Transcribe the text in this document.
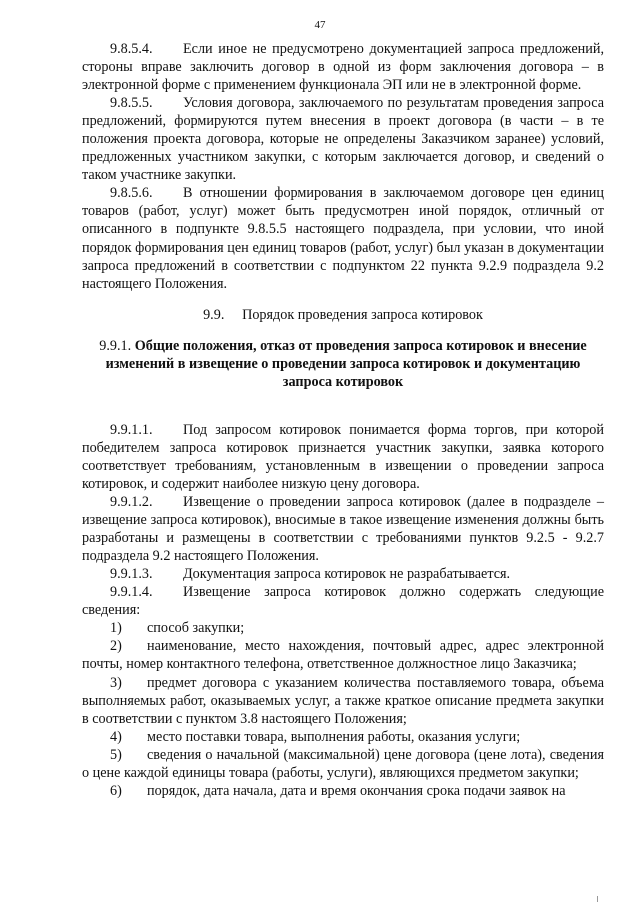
47

9.8.5.4. Если иное не предусмотрено документацией запроса предложений, стороны вправе заключить договор в одной из форм заключения договора – в электронной форме с применением функционала ЭП или не в электронной форме.

9.8.5.5. Условия договора, заключаемого по результатам проведения запроса предложений, формируются путем внесения в проект договора (в части – в те положения проекта договора, которые не определены Заказчиком заранее) условий, предложенных участником закупки, с которым заключается договор, и сведений о таком участнике закупки.

9.8.5.6. В отношении формирования в заключаемом договоре цен единиц товаров (работ, услуг) может быть предусмотрен иной порядок, отличный от описанного в подпункте 9.8.5.5 настоящего подраздела, при условии, что иной порядок формирования цен единиц товаров (работ, услуг) был указан в документации запроса предложений в соответствии с подпунктом 22 пункта 9.2.9 подраздела 9.2 настоящего Положения.

9.9. Порядок проведения запроса котировок

9.9.1. Общие положения, отказ от проведения запроса котировок и внесение изменений в извещение о проведении запроса котировок и документацию запроса котировок

9.9.1.1. Под запросом котировок понимается форма торгов, при которой победителем запроса котировок признается участник закупки, заявка которого соответствует требованиям, установленным в извещении о проведении запроса котировок, и содержит наиболее низкую цену договора.

9.9.1.2. Извещение о проведении запроса котировок (далее в подразделе – извещение запроса котировок), вносимые в такое извещение изменения должны быть разработаны и размещены в соответствии с требованиями пунктов 9.2.5 - 9.2.7 подраздела 9.2 настоящего Положения.

9.9.1.3. Документация запроса котировок не разрабатывается.

9.9.1.4. Извещение запроса котировок должно содержать следующие сведения:

1) способ закупки;

2) наименование, место нахождения, почтовый адрес, адрес электронной почты, номер контактного телефона, ответственное должностное лицо Заказчика;

3) предмет договора с указанием количества поставляемого товара, объема выполняемых работ, оказываемых услуг, а также краткое описание предмета закупки в соответствии с пунктом 3.8 настоящего Положения;

4) место поставки товара, выполнения работы, оказания услуги;

5) сведения о начальной (максимальной) цене договора (цене лота), сведения о цене каждой единицы товара (работы, услуги), являющихся предметом закупки;

6) порядок, дата начала, дата и время окончания срока подачи заявок на
